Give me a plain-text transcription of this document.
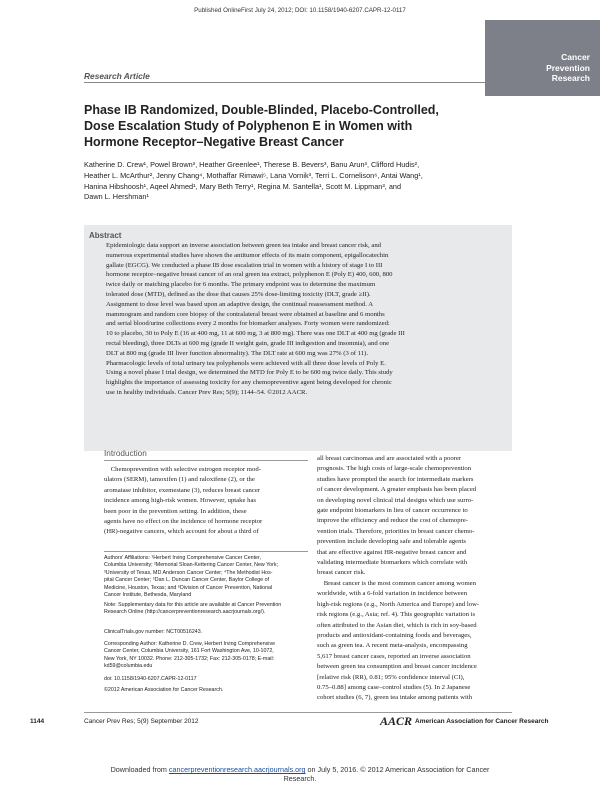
Published OnlineFirst July 24, 2012; DOI: 10.1158/1940-6207.CAPR-12-0117
Cancer
Prevention
Research
Research Article
Phase IB Randomized, Double-Blinded, Placebo-Controlled,
Dose Escalation Study of Polyphenon E in Women with
Hormone Receptor–Negative Breast Cancer
Katherine D. Crew¹, Powel Brown³, Heather Greenlee¹, Therese B. Bevers³, Banu Arun³, Clifford Hudis²,
Heather L. McArthur², Jenny Chang⁴, Mothaffar Rimawi⁵, Lana Vornik³, Terri L. Cornelison⁶, Antai Wang¹,
Hanina Hibshoosh¹, Aqeel Ahmed¹, Mary Beth Terry¹, Regina M. Santella¹, Scott M. Lippman³, and
Dawn L. Hershman¹
Abstract
Epidemiologic data support an inverse association between green tea intake and breast cancer risk, and
numerous experimental studies have shown the antitumor effects of its main component, epigallocatechin
gallate (EGCG). We conducted a phase IB dose escalation trial in women with a history of stage I to III
hormone receptor–negative breast cancer of an oral green tea extract, polyphenon E (Poly E) 400, 600, 800
twice daily or matching placebo for 6 months. The primary endpoint was to determine the maximum
tolerated dose (MTD), defined as the dose that causes 25% dose-limiting toxicity (DLT, grade ≥II).
Assignment to dose level was based upon an adaptive design, the continual reassessment method. A
mammogram and random core biopsy of the contralateral breast were obtained at baseline and 6 months
and serial blood/urine collections every 2 months for biomarker analyses. Forty women were randomized:
10 to placebo, 30 to Poly E (16 at 400 mg, 11 at 600 mg, 3 at 800 mg). There was one DLT at 400 mg (grade III
rectal bleeding), three DLTs at 600 mg (grade II weight gain, grade III indigestion and insomnia), and one
DLT at 800 mg (grade III liver function abnormality). The DLT rate at 600 mg was 27% (3 of 11).
Pharmacologic levels of total urinary tea polyphenols were achieved with all three dose levels of Poly E.
Using a novel phase I trial design, we determined the MTD for Poly E to be 600 mg twice daily. This study
highlights the importance of assessing toxicity for any chemopreventive agent being developed for chronic
use in healthy individuals. Cancer Prev Res; 5(9); 1144–54. ©2012 AACR.
Introduction
Chemoprevention with selective estrogen receptor mod-
ulators (SERM), tamoxifen (1) and raloxifene (2), or the
aromatase inhibitor, exemestane (3), reduces breast cancer
incidence among high-risk women. However, uptake has
been poor in the prevention setting. In addition, these
agents have no effect on the incidence of hormone receptor
(HR)-negative cancers, which account for about a third of
Authors' Affiliations: ¹Herbert Irving Comprehensive Cancer Center,
Columbia University; ²Memorial Sloan-Kettering Cancer Center, New York;
³University of Texas, MD Anderson Cancer Center; ⁴The Methodist Hos-
pital Cancer Center; ⁵Dan L. Duncan Cancer Center, Baylor College of
Medicine, Houston, Texas; and ⁶Division of Cancer Prevention, National
Cancer Institute, Bethesda, Maryland
Note: Supplementary data for this article are available at Cancer Prevention
Research Online (http://cancerpreventionresearch.aacrjournals.org/).
ClinicalTrials.gov number: NCT00516243.
Corresponding Author: Katherine D. Crew, Herbert Irving Comprehensive
Cancer Center, Columbia University, 161 Fort Washington Ave, 10-1072,
New York, NY 10032. Phone: 212-305-1732; Fax: 212-305-0178; E-mail:
kd59@columbia.edu
doi: 10.1158/1940-6207.CAPR-12-0117
©2012 American Association for Cancer Research.
all breast carcinomas and are associated with a poorer
prognosis. The high costs of large-scale chemoprevention
studies have prompted the search for intermediate markers
of cancer development. A greater emphasis has been placed
on developing novel clinical trial designs which use surro-
gate endpoint biomarkers in lieu of cancer occurrence to
improve the efficiency and reduce the cost of chemopre-
vention trials. Therefore, priorities in breast cancer chemo-
prevention include developing safe and tolerable agents
that are effective against HR-negative breast cancer and
validating intermediate biomarkers which correlate with
breast cancer risk.
Breast cancer is the most common cancer among women
worldwide, with a 6-fold variation in incidence between
high-risk regions (e.g., North America and Europe) and low-
risk regions (e.g., Asia; ref. 4). This geographic variation is
often attributed to the Asian diet, which is rich in soy-based
products and antioxidant-containing foods and beverages,
such as green tea. A recent meta-analysis, encompassing
5,617 breast cancer cases, reported an inverse association
between green tea consumption and breast cancer incidence
[relative risk (RR), 0.81; 95% confidence interval (CI),
0.75–0.88] among case–control studies (5). In 2 Japanese
cohort studies (6, 7), green tea intake among patients with
1144	Cancer Prev Res; 5(9) September 2012	AACR American Association for Cancer Research
Downloaded from cancerpreventionresearch.aacrjournals.org on July 5, 2016. © 2012 American Association for Cancer
Research.
